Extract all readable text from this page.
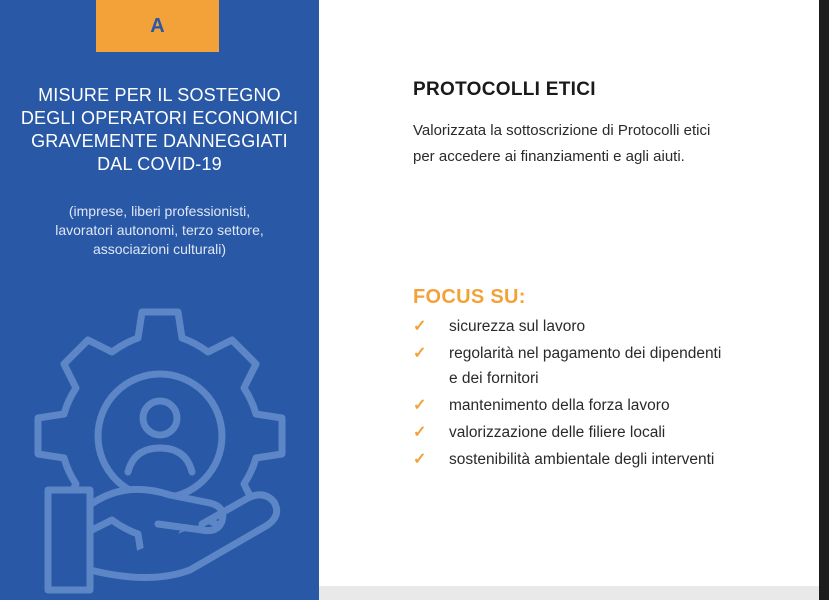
A
MISURE PER IL SOSTEGNO
DEGLI OPERATORI ECONOMICI
GRAVEMENTE DANNEGGIATI
DAL COVID-19
(imprese, liberi professionisti,
lavoratori autonomi, terzo settore,
associazioni culturali)
PROTOCOLLI ETICI
Valorizzata la sottoscrizione di Protocolli etici
per accedere ai finanziamenti e agli aiuti.
FOCUS SU:
✓	sicurezza sul lavoro
✓	regolarità nel pagamento dei dipendenti
e dei fornitori
✓	mantenimento della forza lavoro
✓	valorizzazione delle filiere locali
✓	sostenibilità ambientale degli interventi
